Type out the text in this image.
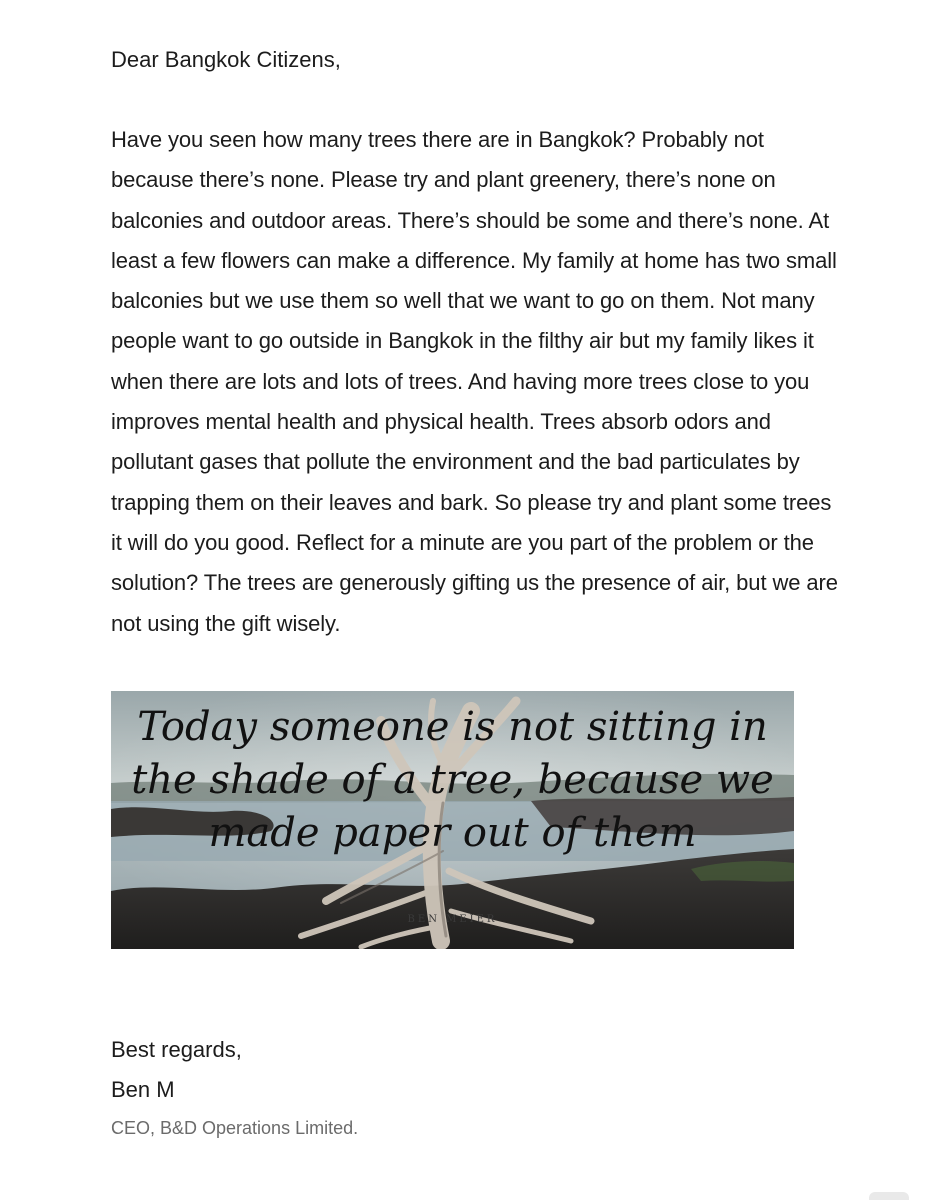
Dear Bangkok Citizens,

Have you seen how many trees there are in Bangkok? Probably not because there’s none. Please try and plant greenery, there’s none on balconies and outdoor areas. There’s should be some and there’s none. At least a few flowers can make a difference. My family at home has two small balconies but we use them so well that we want to go on them. Not many people want to go outside in Bangkok in the filthy air but my family likes it when there are lots and lots of trees. And having more trees close to you improves mental health and physical health. Trees absorb odors and pollutant gases that pollute the environment and the bad particulates by trapping them on their leaves and bark. So please try and plant some trees it will do you good. Reflect for a minute are you part of the problem or the solution? The trees are generously gifting us the presence of air, but we are not using the gift wisely.

Today someone is not sitting in the shade of a tree, because we made paper out of them
BEN MEIER
Best regards,
Ben M
CEO, B&D Operations Limited.
